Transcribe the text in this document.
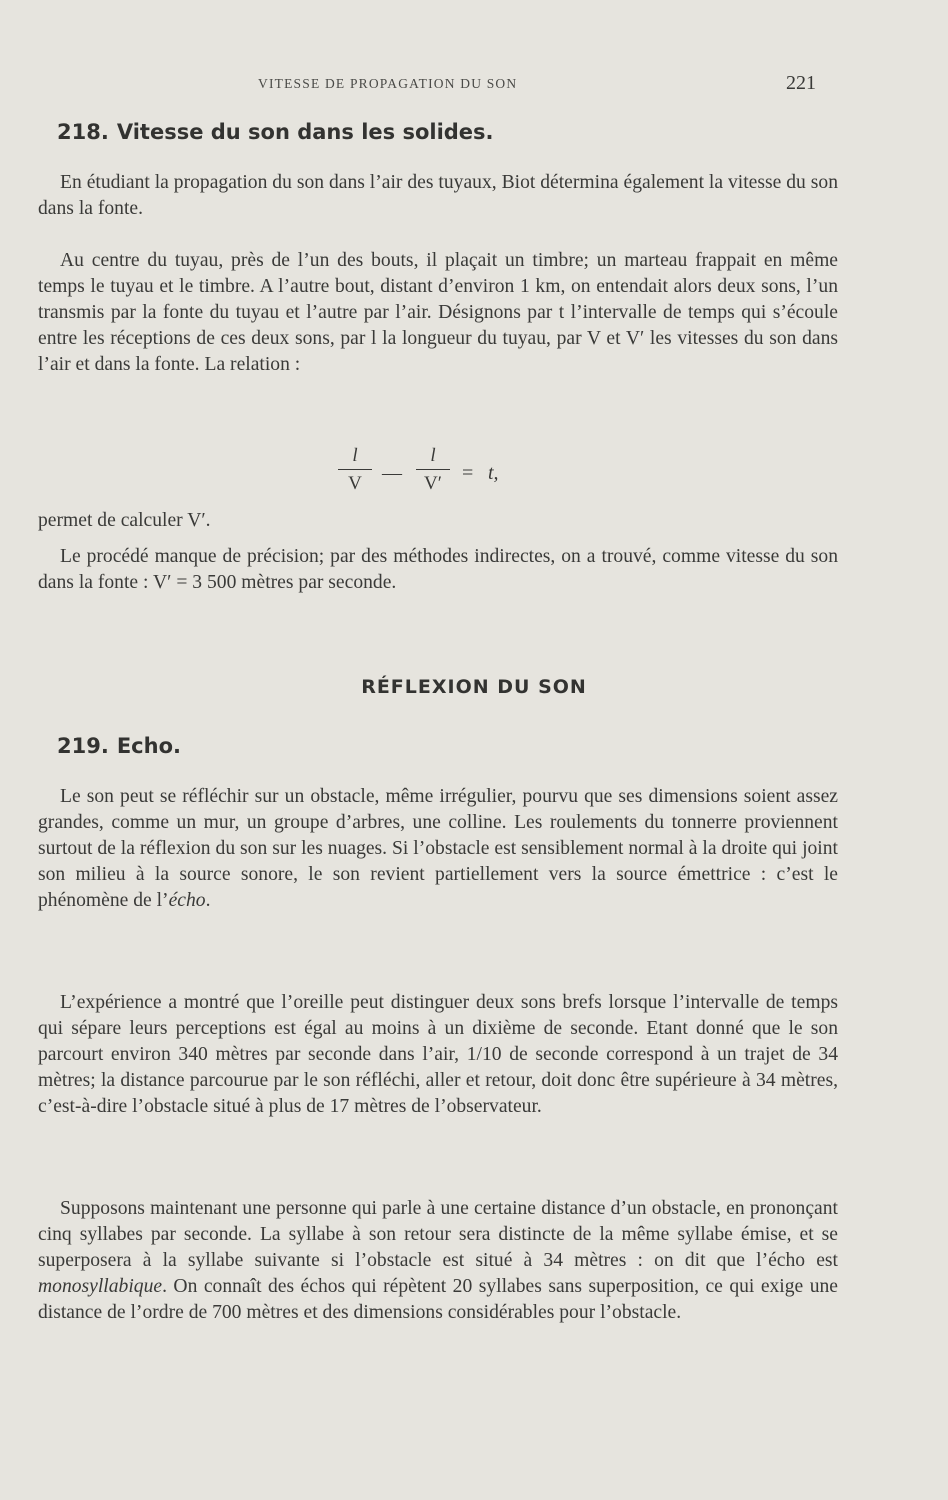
VITESSE DE PROPAGATION DU SON	221
218. Vitesse du son dans les solides.

En étudiant la propagation du son dans l’air des tuyaux, Biot détermina également la vitesse du son dans la fonte.

Au centre du tuyau, près de l’un des bouts, il plaçait un timbre; un marteau frappait en même temps le tuyau et le timbre. A l’autre bout, distant d’environ 1 km, on entendait alors deux sons, l’un transmis par la fonte du tuyau et l’autre par l’air. Désignons par t l’intervalle de temps qui s’écoule entre les réceptions de ces deux sons, par l la longueur du tuyau, par V et V′ les vitesses du son dans l’air et dans la fonte. La relation :

l
V	—
l
V′	= t,
permet de calculer V′.

Le procédé manque de précision; par des méthodes indirectes, on a trouvé, comme vitesse du son dans la fonte : V′ = 3 500 mètres par seconde.

RÉFLEXION DU SON
219. Echo.

Le son peut se réfléchir sur un obstacle, même irrégulier, pourvu que ses dimensions soient assez grandes, comme un mur, un groupe d’arbres, une colline. Les roulements du tonnerre proviennent surtout de la réflexion du son sur les nuages. Si l’obstacle est sensiblement normal à la droite qui joint son milieu à la source sonore, le son revient partiellement vers la source émettrice : c’est le phénomène de l’écho.

L’expérience a montré que l’oreille peut distinguer deux sons brefs lorsque l’intervalle de temps qui sépare leurs perceptions est égal au moins à un dixième de seconde. Etant donné que le son parcourt environ 340 mètres par seconde dans l’air, 1/10 de seconde correspond à un trajet de 34 mètres; la distance parcourue par le son réfléchi, aller et retour, doit donc être supérieure à 34 mètres, c’est-à-dire l’obstacle situé à plus de 17 mètres de l’observateur.

Supposons maintenant une personne qui parle à une certaine distance d’un obstacle, en prononçant cinq syllabes par seconde. La syllabe à son retour sera distincte de la même syllabe émise, et se superposera à la syllabe suivante si l’obstacle est situé à 34 mètres : on dit que l’écho est monosyllabique. On connaît des échos qui répètent 20 syllabes sans superposition, ce qui exige une distance de l’ordre de 700 mètres et des dimensions considérables pour l’obstacle.
